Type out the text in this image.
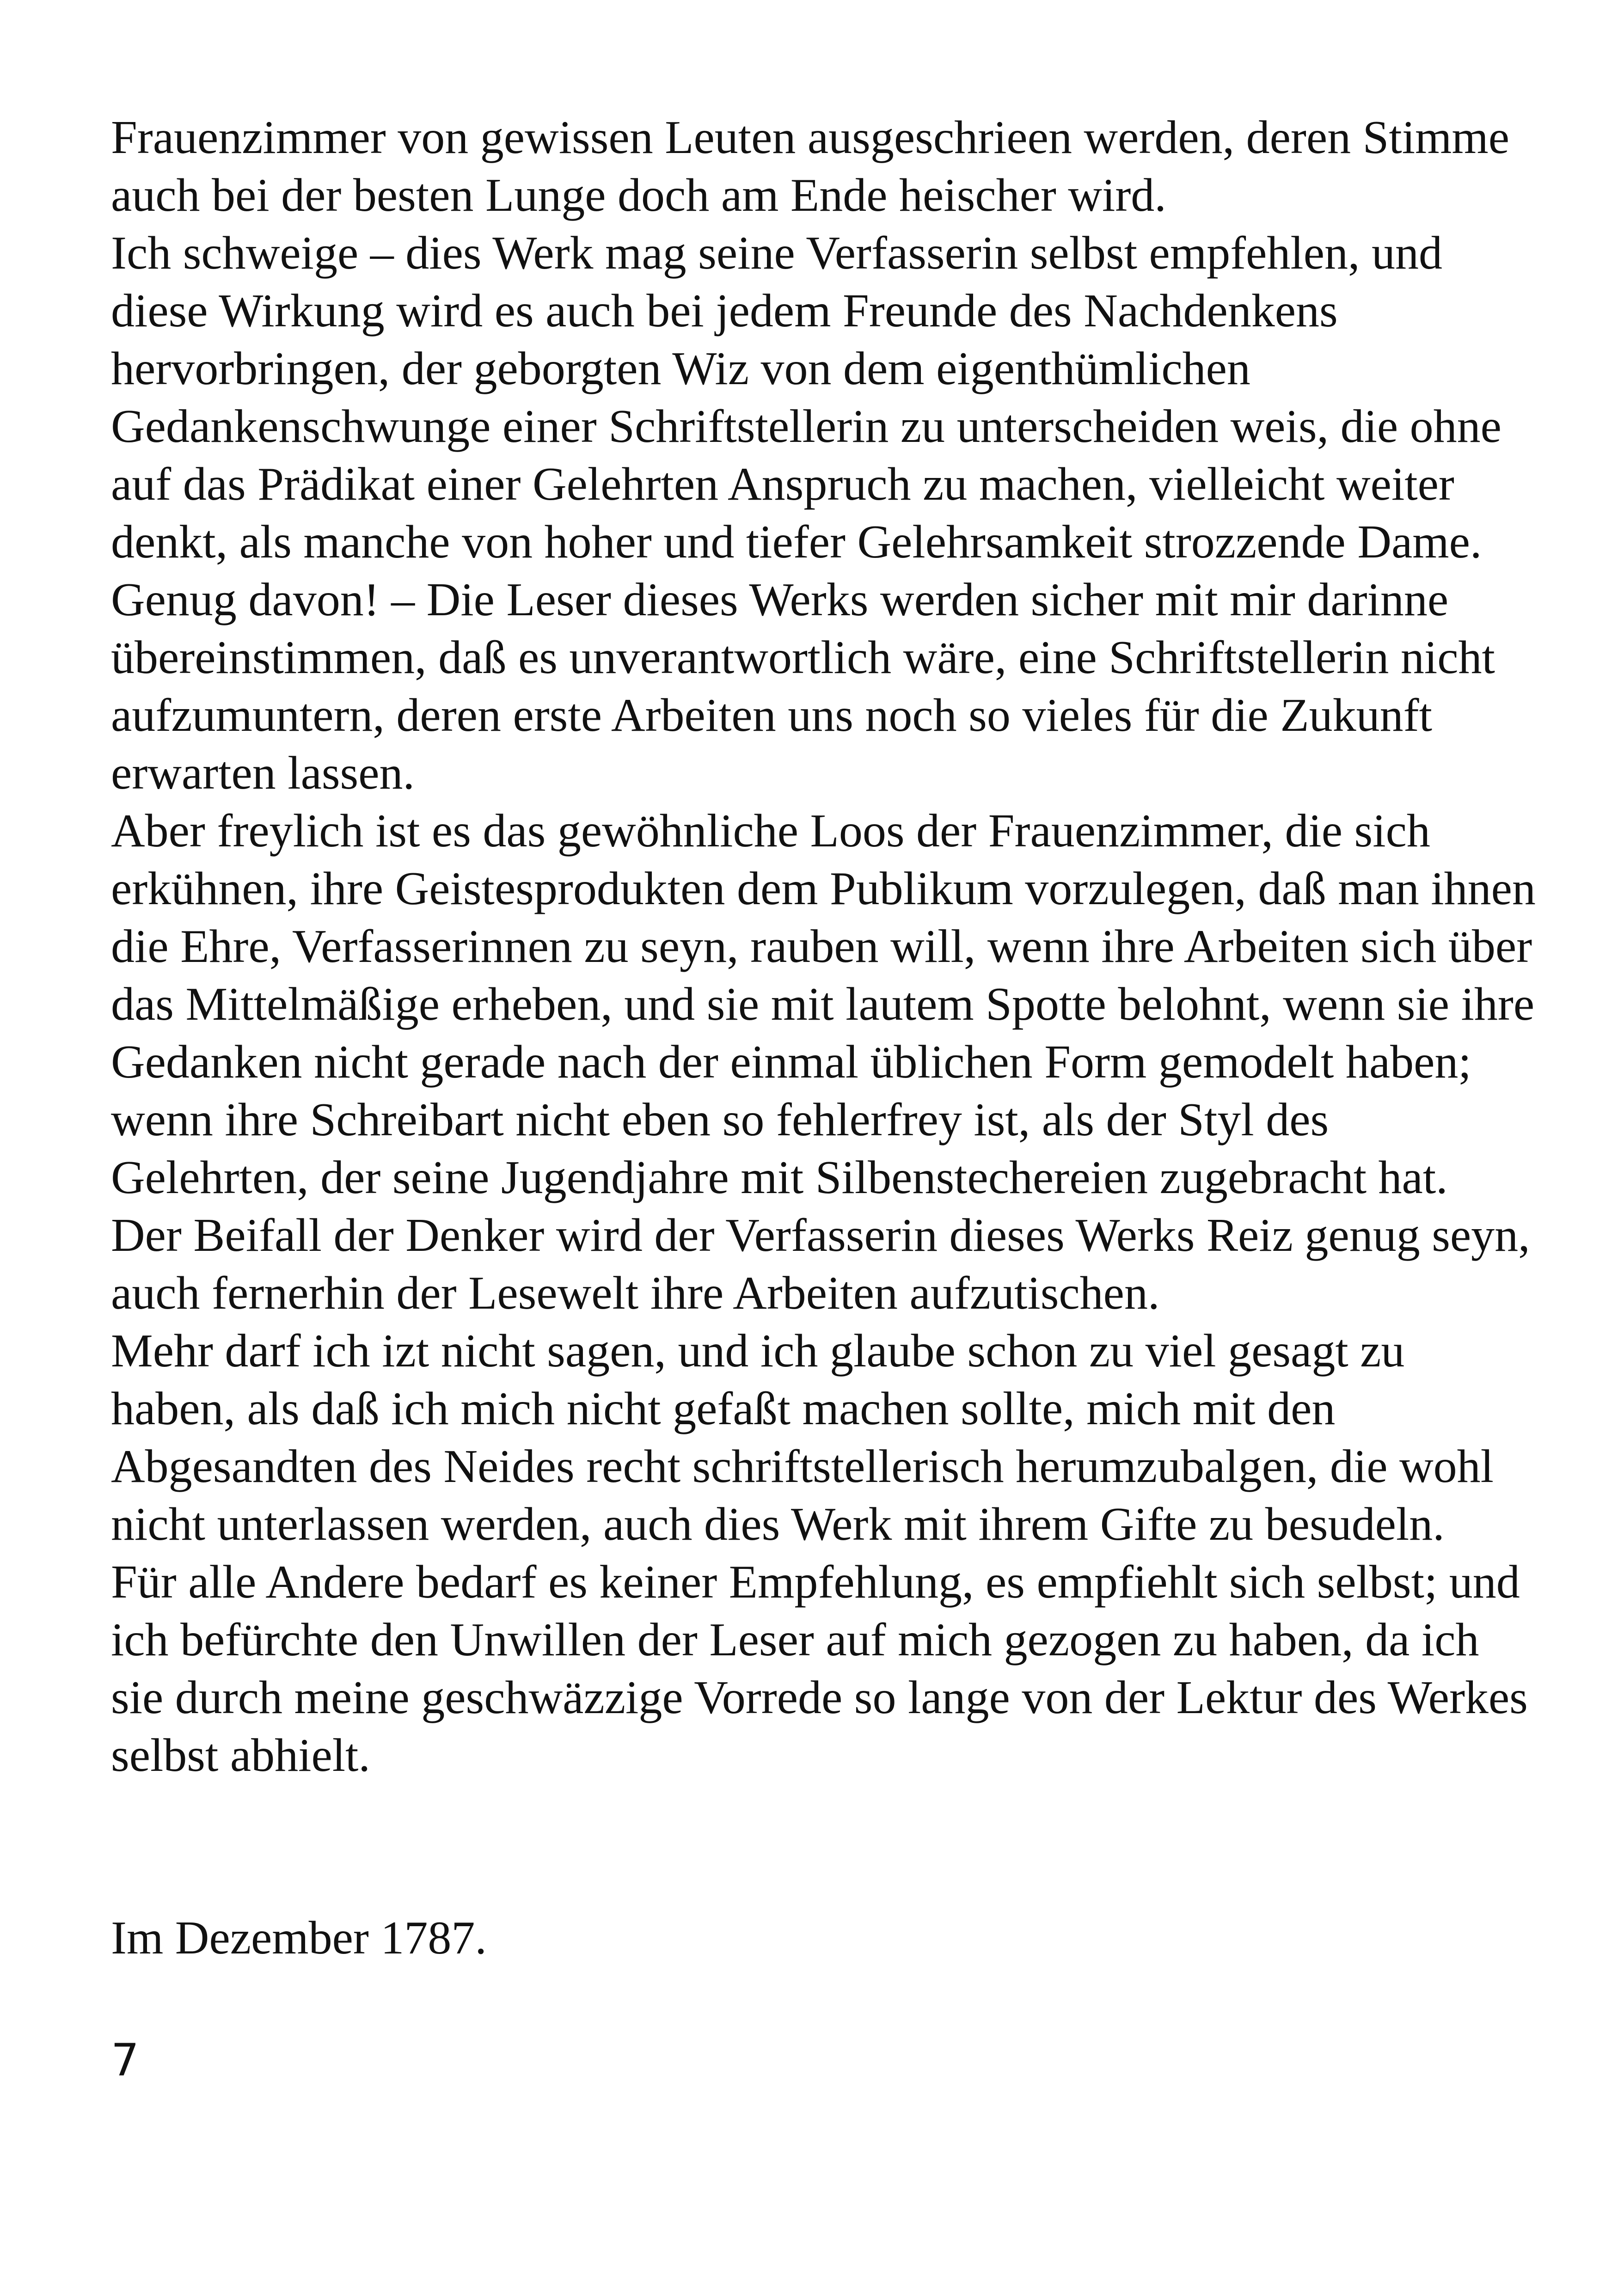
Frauenzimmer von gewissen Leuten ausgeschrieen werden, deren Stimme
auch bei der besten Lunge doch am Ende heischer wird.
Ich schweige – dies Werk mag seine Verfasserin selbst empfehlen, und
diese Wirkung wird es auch bei jedem Freunde des Nachdenkens
hervorbringen, der geborgten Wiz von dem eigenthümlichen
Gedankenschwunge einer Schriftstellerin zu unterscheiden weis, die ohne
auf das Prädikat einer Gelehrten Anspruch zu machen, vielleicht weiter
denkt, als manche von hoher und tiefer Gelehrsamkeit strozzende Dame.
Genug davon! – Die Leser dieses Werks werden sicher mit mir darinne
übereinstimmen, daß es unverantwortlich wäre, eine Schriftstellerin nicht
aufzumuntern, deren erste Arbeiten uns noch so vieles für die Zukunft
erwarten lassen.
Aber freylich ist es das gewöhnliche Loos der Frauenzimmer, die sich
erkühnen, ihre Geistesprodukten dem Publikum vorzulegen, daß man ihnen
die Ehre, Verfasserinnen zu seyn, rauben will, wenn ihre Arbeiten sich über
das Mittelmäßige erheben, und sie mit lautem Spotte belohnt, wenn sie ihre
Gedanken nicht gerade nach der einmal üblichen Form gemodelt haben;
wenn ihre Schreibart nicht eben so fehlerfrey ist, als der Styl des
Gelehrten, der seine Jugendjahre mit Silbenstechereien zugebracht hat.
Der Beifall der Denker wird der Verfasserin dieses Werks Reiz genug seyn,
auch fernerhin der Lesewelt ihre Arbeiten aufzutischen.
Mehr darf ich izt nicht sagen, und ich glaube schon zu viel gesagt zu
haben, als daß ich mich nicht gefaßt machen sollte, mich mit den
Abgesandten des Neides recht schriftstellerisch herumzubalgen, die wohl
nicht unterlassen werden, auch dies Werk mit ihrem Gifte zu besudeln.
Für alle Andere bedarf es keiner Empfehlung, es empfiehlt sich selbst; und
ich befürchte den Unwillen der Leser auf mich gezogen zu haben, da ich
sie durch meine geschwäzzige Vorrede so lange von der Lektur des Werkes
selbst abhielt.
Im Dezember 1787.
7
